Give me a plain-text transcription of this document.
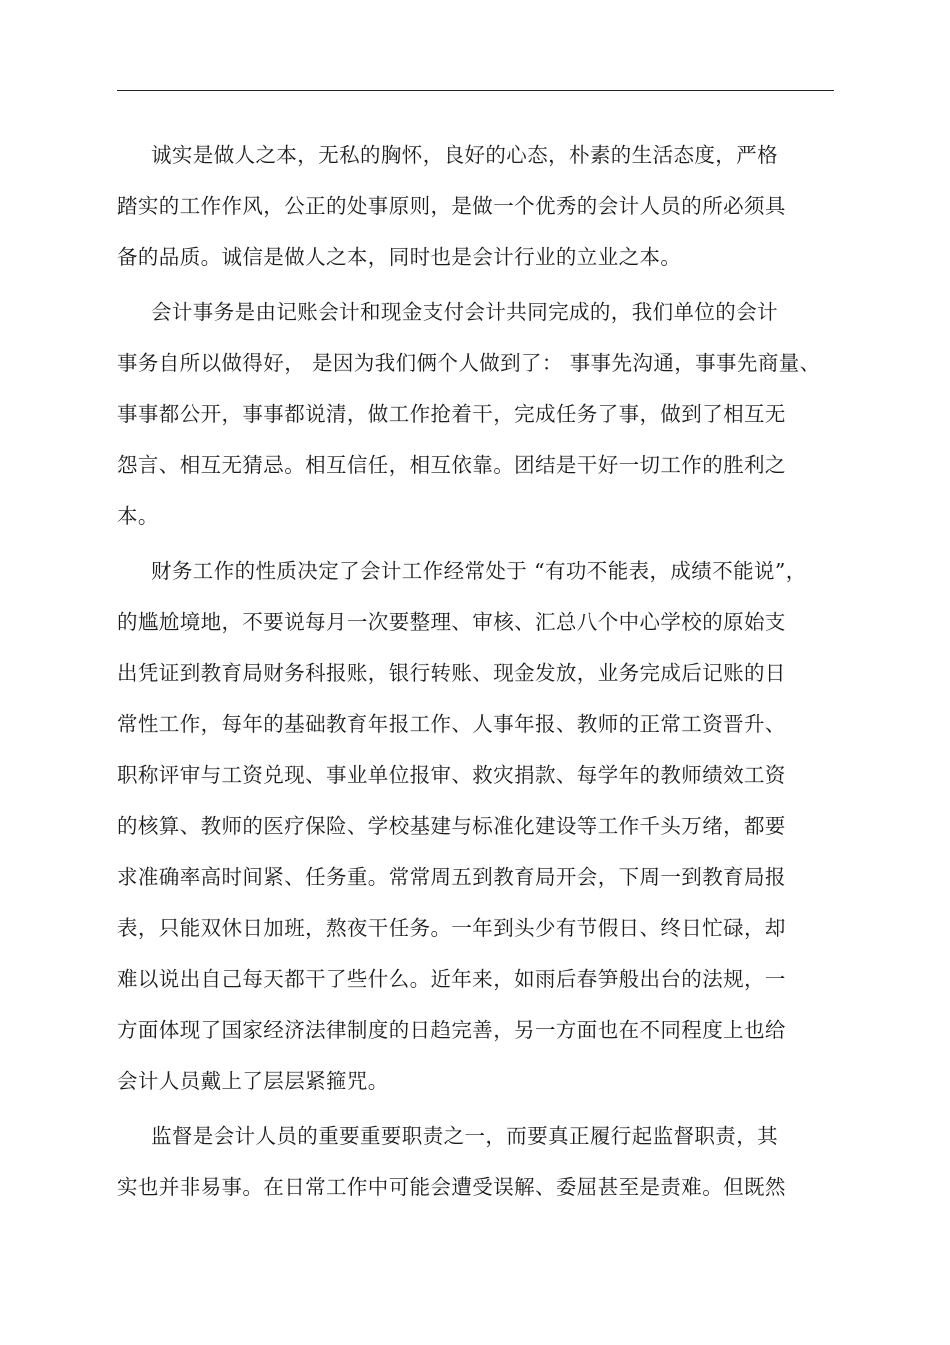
诚实是做人之本，无私的胸怀，良好的心态，朴素的生活态度，严格
踏实的工作作风，公正的处事原则，是做一个优秀的会计人员的所必须具
备的品质。诚信是做人之本，同时也是会计行业的立业之本。
会计事务是由记账会计和现金支付会计共同完成的，我们单位的会计
事务自所以做得好， 是因为我们俩个人做到了： 事事先沟通，事事先商量、
事事都公开，事事都说清，做工作抢着干，完成任务了事，做到了相互无
怨言、相互无猜忌。相互信任，相互依靠。团结是干好一切工作的胜利之
本。
财务工作的性质决定了会计工作经常处于 “有功不能表，成绩不能说”，
的尴尬境地，不要说每月一次要整理、审核、汇总八个中心学校的原始支
出凭证到教育局财务科报账，银行转账、现金发放，业务完成后记账的日
常性工作，每年的基础教育年报工作、人事年报、教师的正常工资晋升、
职称评审与工资兑现、事业单位报审、救灾捐款、每学年的教师绩效工资
的核算、教师的医疗保险、学校基建与标准化建设等工作千头万绪，都要
求准确率高时间紧、任务重。常常周五到教育局开会，下周一到教育局报
表，只能双休日加班，熬夜干任务。一年到头少有节假日、终日忙碌，却
难以说出自己每天都干了些什么。近年来，如雨后春笋般出台的法规，一
方面体现了国家经济法律制度的日趋完善，另一方面也在不同程度上也给
会计人员戴上了层层紧箍咒。
监督是会计人员的重要重要职责之一，而要真正履行起监督职责，其
实也并非易事。在日常工作中可能会遭受误解、委屈甚至是责难。但既然
